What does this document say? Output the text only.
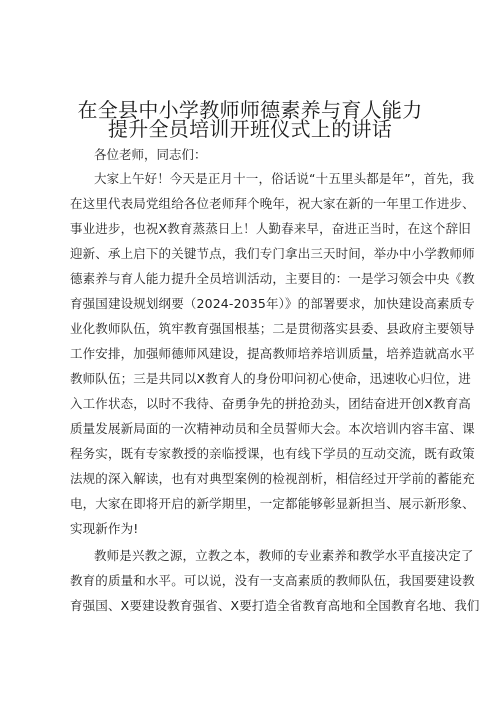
在全县中小学教师师德素养与育人能力
提升全员培训开班仪式上的讲话
各位老师，同志们：
大家上午好！今天是正月十一，俗话说“十五里头都是年”，首先，我
在这里代表局党组给各位老师拜个晚年，祝大家在新的一年里工作进步、
事业进步，也祝X教育蒸蒸日上！人勤春来早，奋进正当时，在这个辞旧
迎新、承上启下的关键节点，我们专门拿出三天时间，举办中小学教师师
德素养与育人能力提升全员培训活动，主要目的：一是学习领会中央《教
育强国建设规划纲要（2024-2035年）》的部署要求，加快建设高素质专
业化教师队伍，筑牢教育强国根基；二是贯彻落实县委、县政府主要领导
工作安排，加强师德师风建设，提高教师培养培训质量，培养造就高水平
教师队伍；三是共同以X教育人的身份叩问初心使命，迅速收心归位，进
入工作状态，以时不我待、奋勇争先的拼抢劲头，团结奋进开创X教育高
质量发展新局面的一次精神动员和全员誓师大会。本次培训内容丰富、课
程务实，既有专家教授的亲临授课，也有线下学员的互动交流，既有政策
法规的深入解读，也有对典型案例的检视剖析，相信经过开学前的蓄能充
电，大家在即将开启的新学期里，一定都能够彰显新担当、展示新形象、
实现新作为!
教师是兴教之源，立教之本，教师的专业素养和教学水平直接决定了
教育的质量和水平。可以说，没有一支高素质的教师队伍，我国要建设教
育强国、X要建设教育强省、X要打造全省教育高地和全国教育名地、我们
